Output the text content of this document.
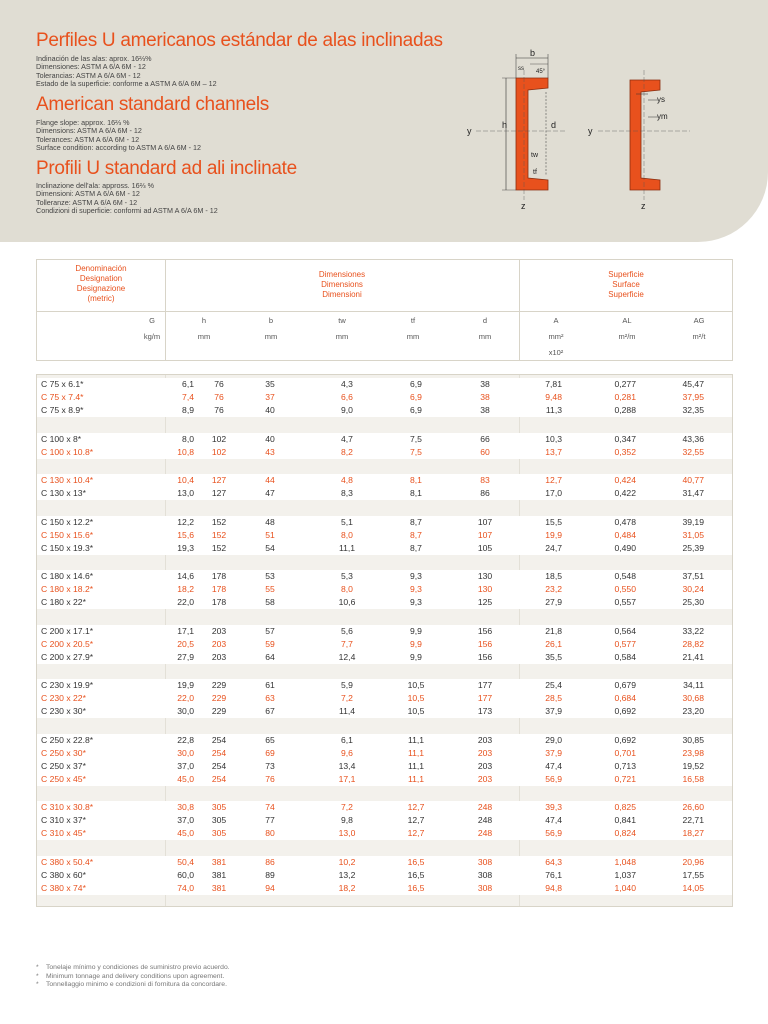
Perfiles U americanos estándar de alas inclinadas
Indinación de las alas: aprox. 16⅔%
Dimensiones: ASTM A 6/A 6M - 12
Tolerancias: ASTM A 6/A 6M - 12
Estado de la superficie: conforme a ASTM A 6/A 6M – 12
American standard channels
Flange slope: approx. 16⅔ %
Dimensions: ASTM A 6/A 6M - 12
Tolerances: ASTM A 6/A 6M - 12
Surface condition: according to ASTM A 6/A 6M - 12
Profili U standard ad ali inclinate
Inclinazione dell'ala: appross. 16⅔ %
Dimensioni: ASTM A 6/A 6M - 12
Tolleranze: ASTM A 6/A 6M - 12
Condizioni di superficie: conformi ad ASTM A 6/A 6M - 12
b
ss 45°
h	d
y
z
tw
tf
y
z
ys
ym
Denominación
Designation
Designazione
(metric)
Dimensiones
Dimensions
Dimensioni
Superficie
Surface
Superficie
G
kg/m
h
mm
b
mm
tw
mm
tf
mm
d
mm
A
mm²
x10²
AL
m²/m
AG
m²/t
C 75 x 6.1*	6,1	76	35	4,3	6,9	38	7,81	0,277	45,47
C 75 x 7.4*	7,4	76	37	6,6	6,9	38	9,48	0,281	37,95
C 75 x 8.9*	8,9	76	40	9,0	6,9	38	11,3	0,288	32,35
C 100 x 8*	8,0	102	40	4,7	7,5	66	10,3	0,347	43,36
C 100 x 10.8*	10,8	102	43	8,2	7,5	60	13,7	0,352	32,55
C 130 x 10.4*	10,4	127	44	4,8	8,1	83	12,7	0,424	40,77
C 130 x 13*	13,0	127	47	8,3	8,1	86	17,0	0,422	31,47
C 150 x 12.2*	12,2	152	48	5,1	8,7	107	15,5	0,478	39,19
C 150 x 15.6*	15,6	152	51	8,0	8,7	107	19,9	0,484	31,05
C 150 x 19.3*	19,3	152	54	11,1	8,7	105	24,7	0,490	25,39
C 180 x 14.6*	14,6	178	53	5,3	9,3	130	18,5	0,548	37,51
C 180 x 18.2*	18,2	178	55	8,0	9,3	130	23,2	0,550	30,24
C 180 x 22*	22,0	178	58	10,6	9,3	125	27,9	0,557	25,30
C 200 x 17.1*	17,1	203	57	5,6	9,9	156	21,8	0,564	33,22
C 200 x 20.5*	20,5	203	59	7,7	9,9	156	26,1	0,577	28,82
C 200 x 27.9*	27,9	203	64	12,4	9,9	156	35,5	0,584	21,41
C 230 x 19.9*	19,9	229	61	5,9	10,5	177	25,4	0,679	34,11
C 230 x 22*	22,0	229	63	7,2	10,5	177	28,5	0,684	30,68
C 230 x 30*	30,0	229	67	11,4	10,5	173	37,9	0,692	23,20
C 250 x 22.8*	22,8	254	65	6,1	11,1	203	29,0	0,692	30,85
C 250 x 30*	30,0	254	69	9,6	11,1	203	37,9	0,701	23,98
C 250 x 37*	37,0	254	73	13,4	11,1	203	47,4	0,713	19,52
C 250 x 45*	45,0	254	76	17,1	11,1	203	56,9	0,721	16,58
C 310 x 30.8*	30,8	305	74	7,2	12,7	248	39,3	0,825	26,60
C 310 x 37*	37,0	305	77	9,8	12,7	248	47,4	0,841	22,71
C 310 x 45*	45,0	305	80	13,0	12,7	248	56,9	0,824	18,27
C 380 x 50.4*	50,4	381	86	10,2	16,5	308	64,3	1,048	20,96
C 380 x 60*	60,0	381	89	13,2	16,5	308	76,1	1,037	17,55
C 380 x 74*	74,0	381	94	18,2	16,5	308	94,8	1,040	14,05
* Tonelaje mínimo y condiciones de suministro previo acuerdo.
* Minimum tonnage and delivery conditions upon agreement.
* Tonnellaggio minimo e condizioni di fornitura da concordare.
